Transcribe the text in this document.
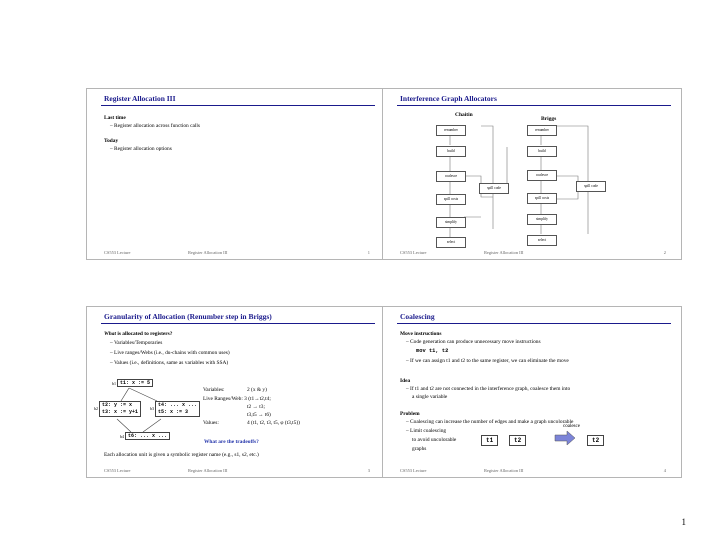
Register Allocation III
Last time
– Register allocation across function calls
Today
– Register allocation options
CS553 Lecture	Register Allocation III	1
Interference Graph Allocators
Chaitin
Briggs
renumber
build
coalesce
spill costs
simplify
select
spill code
renumber
build
coalesce
spill costs
simplify
select
spill code
CS553 Lecture	Register Allocation III	2
Granularity of Allocation (Renumber step in Briggs)
What is allocated to registers?
– Variables/Temporaries
– Live ranges/Webs (i.e., du-chains with common uses)
– Values (i.e., definitions, same as variables with SSA)
b1 t1: x := 5
b2
t2: y := x
t3: x := y+1
b3
t4: ... x ...
t5: x := 3
b4 t6: ... x ...
Variables:	2 (x & y)
Live Ranges/Web: 3 (t1→t2,t4;
t2 → t3;
t3,t5 → t6)
Values:	4 (t1, t2, t3, t5, φ (t3,t5))
What are the tradeoffs?
Each allocation unit is given a symbolic register name (e.g., s1, s2, etc.)
CS553 Lecture	Register Allocation III	3
Coalescing
Move instructions
– Code generation can produce unnecessary move instructions
mov t1, t2
– If we can assign t1 and t2 to the same register, we can eliminate the move
Idea
– If t1 and t2 are not connected in the interference graph, coalesce them into
a single variable
Problem
– Coalescing can increase the number of edges and make a graph uncolorable
– Limit coalescing
to avoid uncolorable
graphs
t1	t2
coalesce
t2
CS553 Lecture	Register Allocation III	4
1
